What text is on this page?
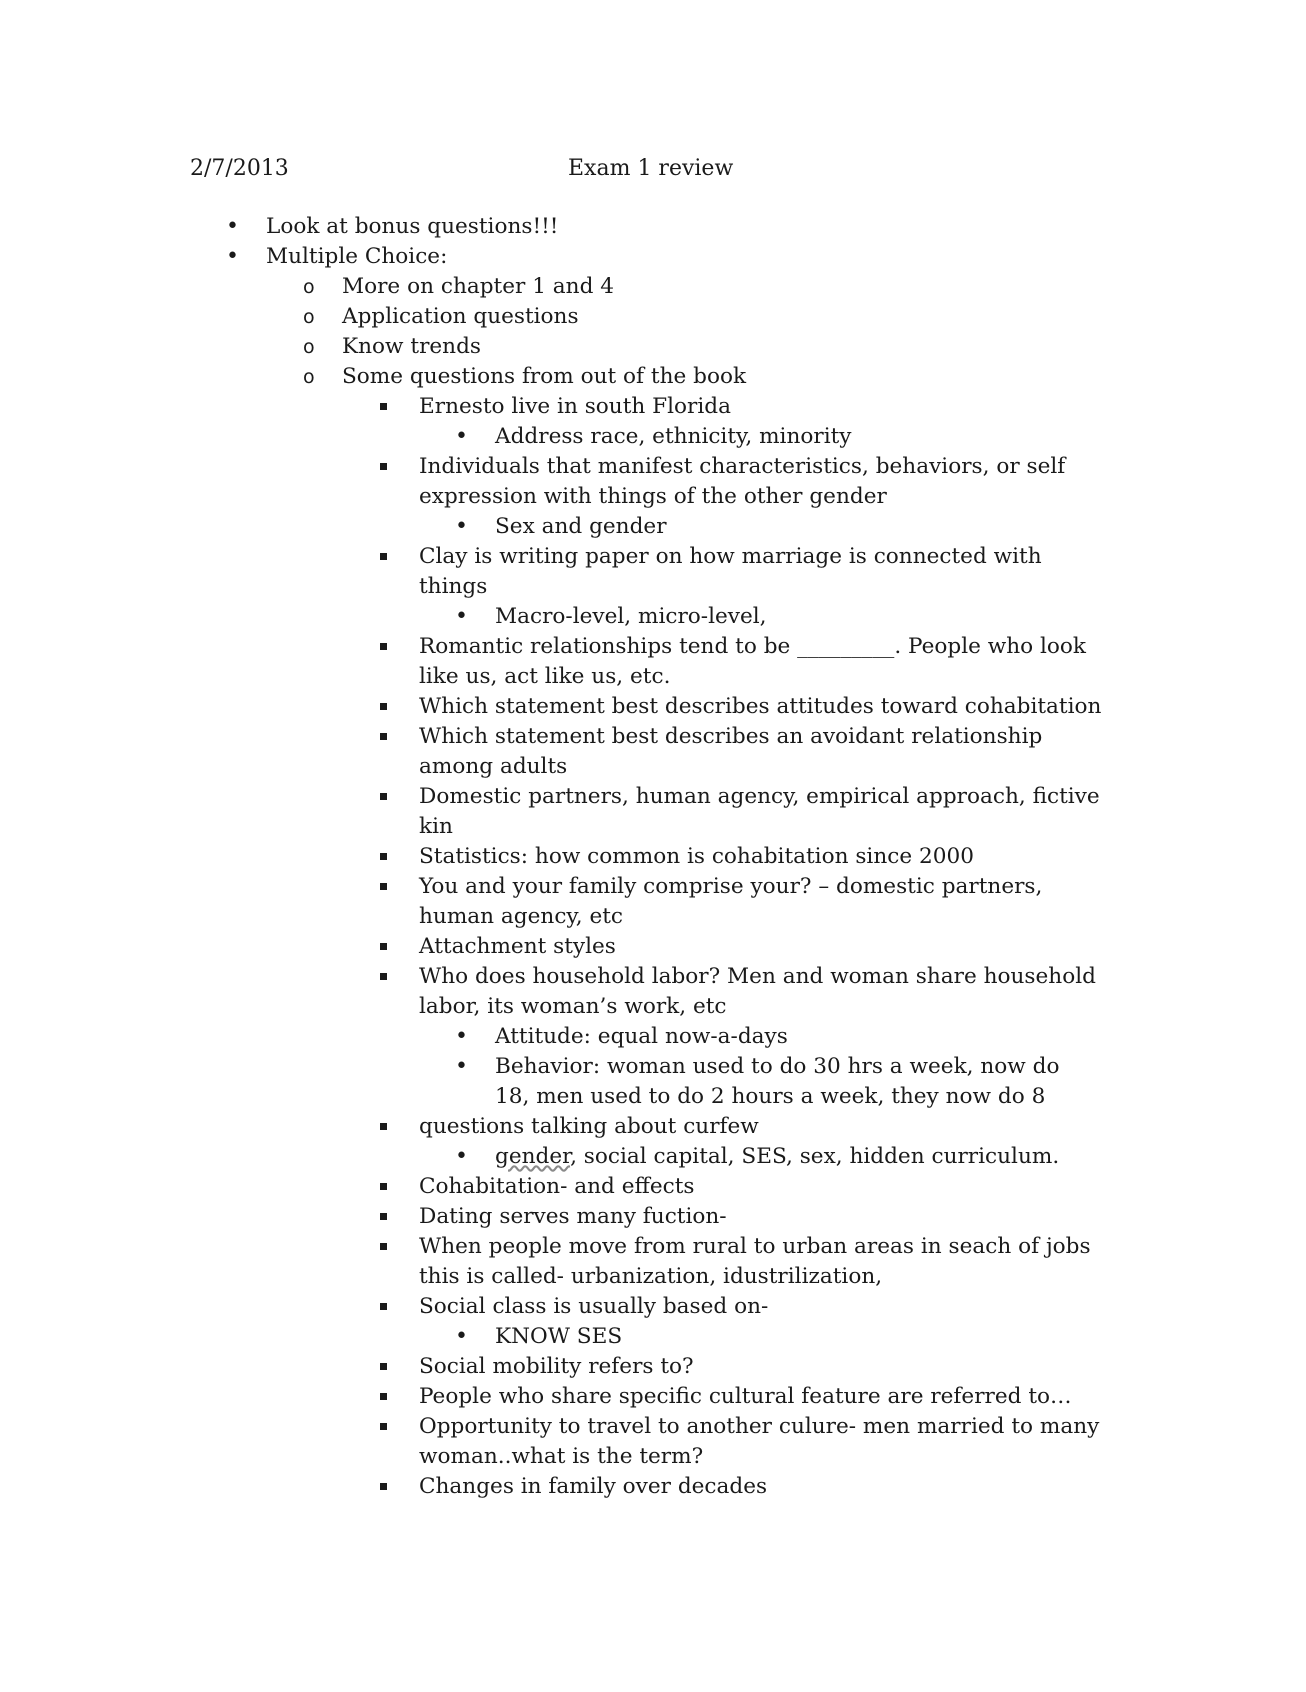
2/7/2013	Exam 1 review
• Look at bonus questions!!!
• Multiple Choice:
o More on chapter 1 and 4
o Application questions
o Know trends
o Some questions from out of the book
Ernesto live in south Florida
• Address race, ethnicity, minority
Individuals that manifest characteristics, behaviors, or self expression with things of the other gender
• Sex and gender
Clay is writing paper on how marriage is connected with things
• Macro-level, micro-level,
Romantic relationships tend to be _________. People who look like us, act like us, etc.
Which statement best describes attitudes toward cohabitation
Which statement best describes an avoidant relationship among adults
Domestic partners, human agency, empirical approach, fictive kin
Statistics: how common is cohabitation since 2000
You and your family comprise your? – domestic partners, human agency, etc
Attachment styles
Who does household labor? Men and woman share household labor, its woman’s work, etc
• Attitude: equal now-a-days
• Behavior: woman used to do 30 hrs a week, now do 18, men used to do 2 hours a week, they now do 8
questions talking about curfew
• gender, social capital, SES, sex, hidden curriculum.
Cohabitation- and effects
Dating serves many fuction-
When people move from rural to urban areas in seach of jobs this is called- urbanization, idustrilization,
Social class is usually based on-
• KNOW SES
Social mobility refers to?
People who share specific cultural feature are referred to…
Opportunity to travel to another culure- men married to many woman..what is the term?
Changes in family over decades
